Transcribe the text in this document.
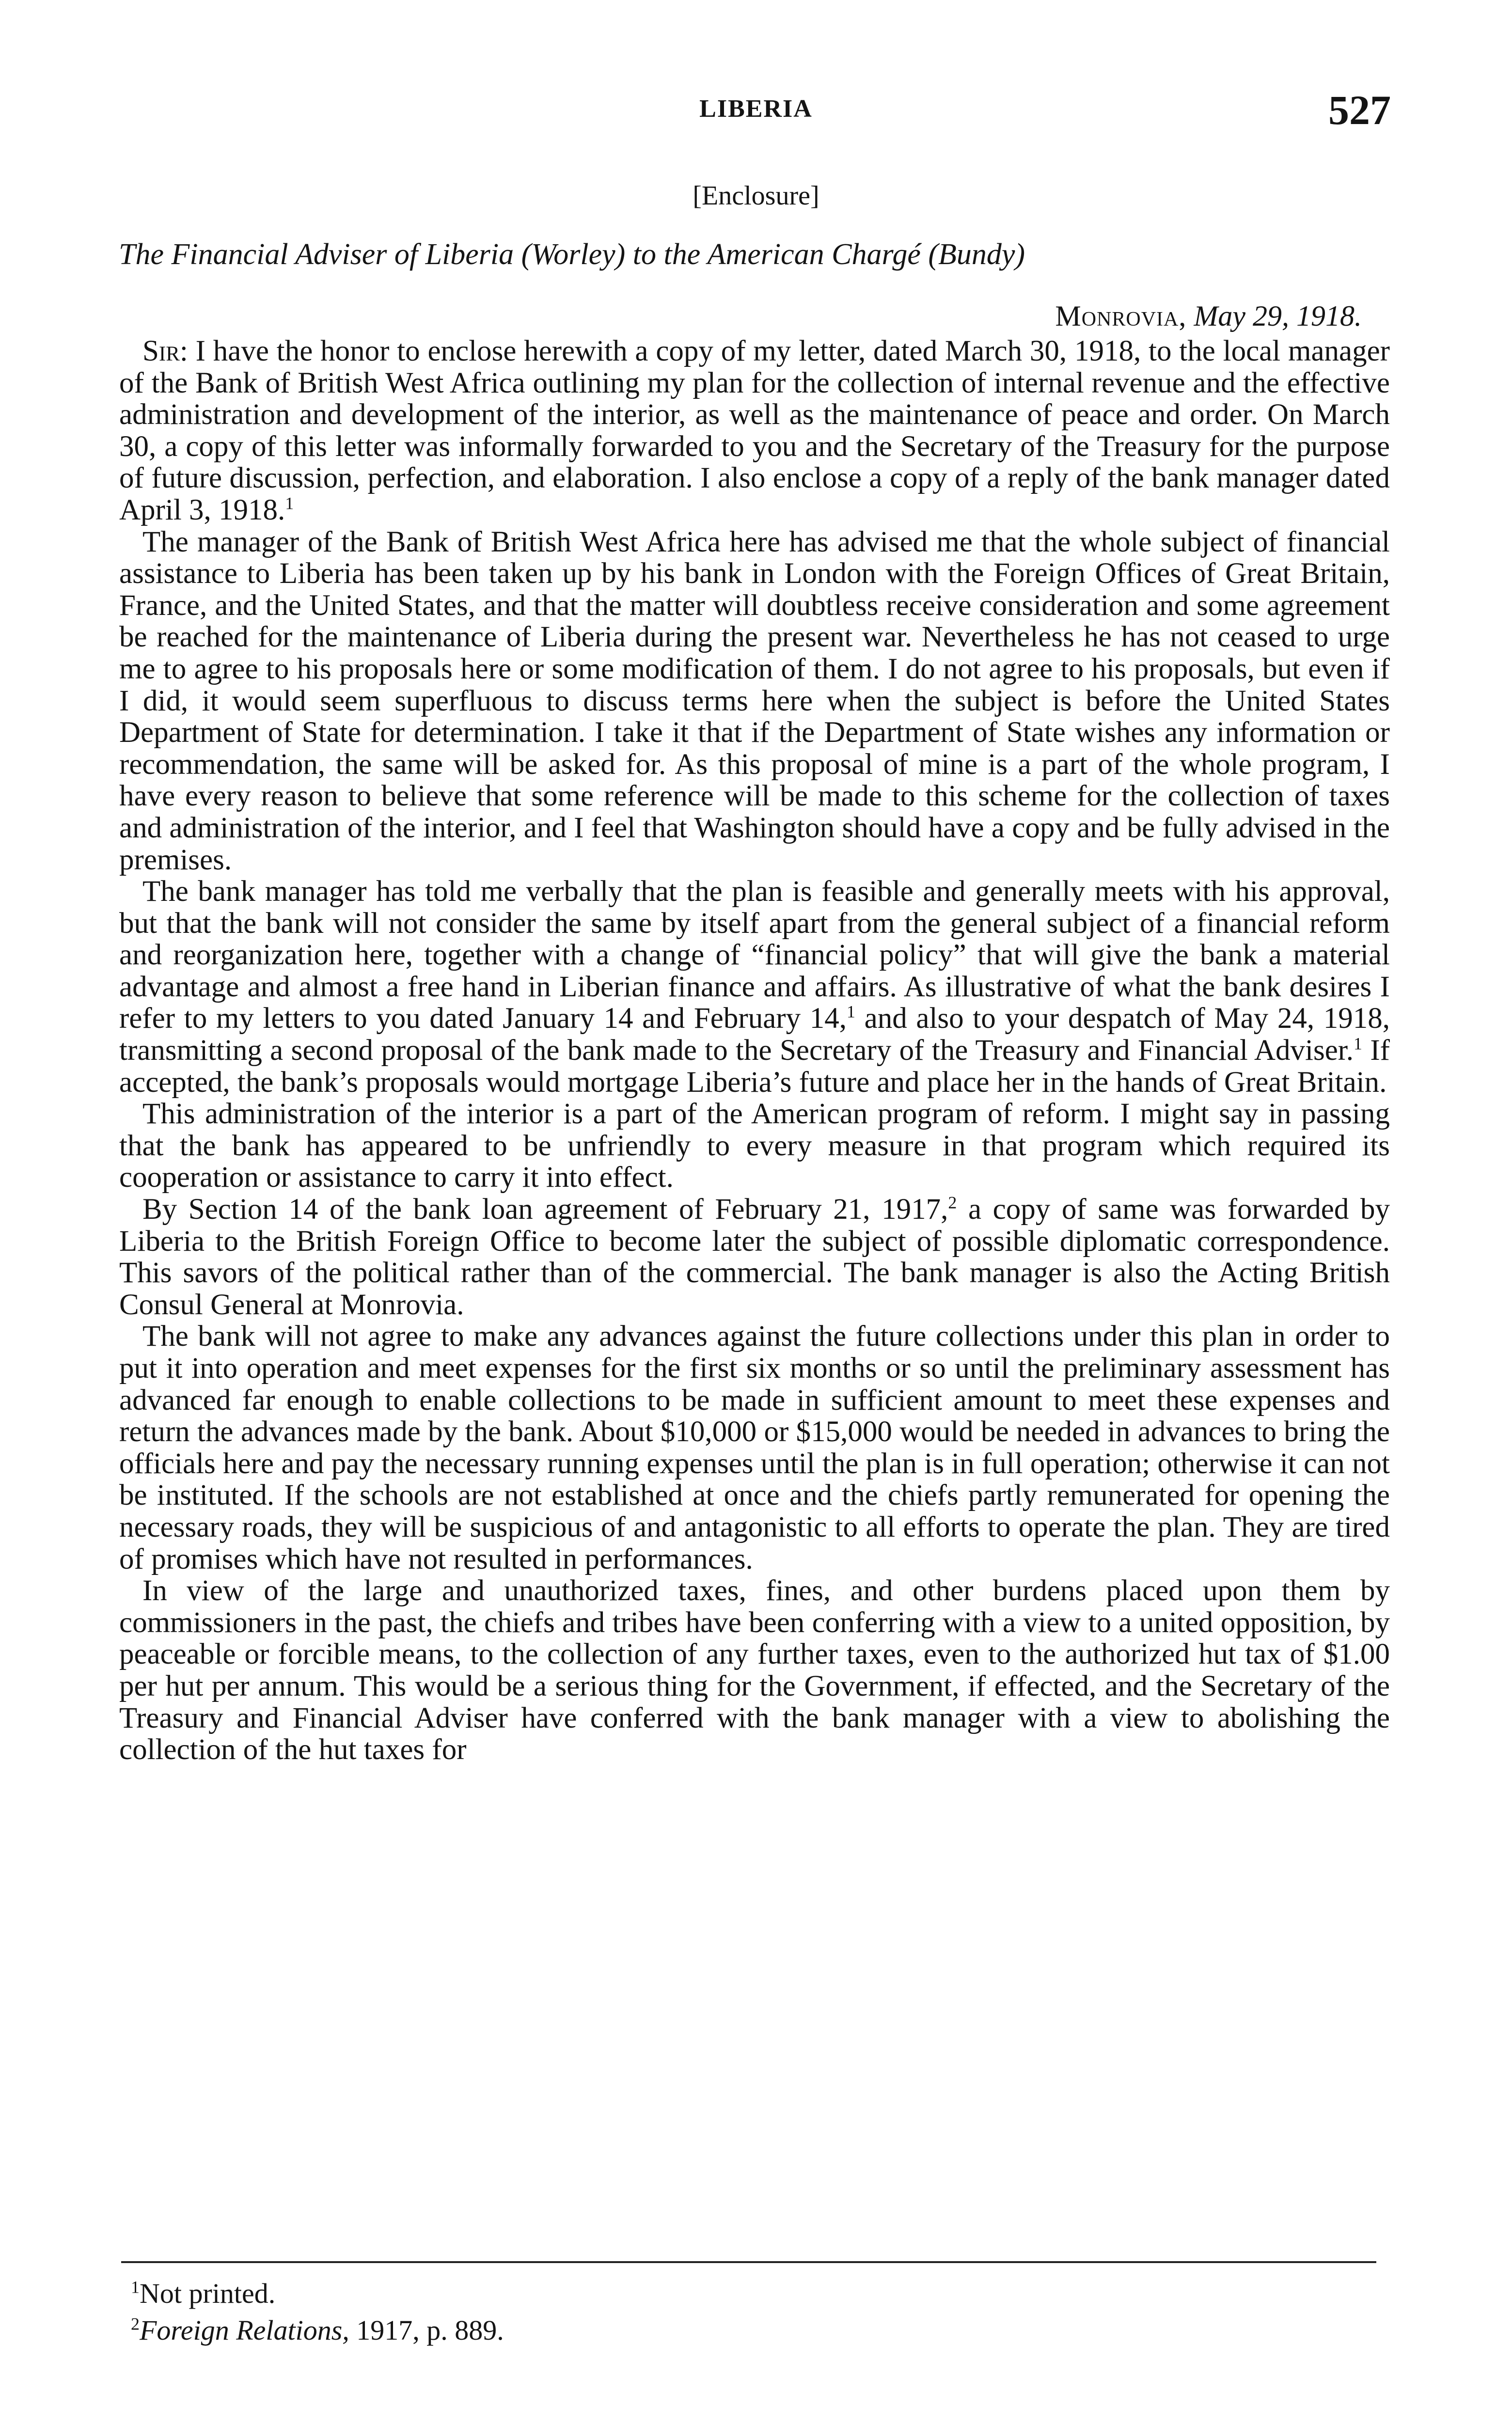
LIBERIA	527
[Enclosure]
The Financial Adviser of Liberia (Worley) to the American Chargé (Bundy)
Monrovia, May 29, 1918.

Sir: I have the honor to enclose herewith a copy of my letter, dated March 30, 1918, to the local manager of the Bank of British West Africa outlining my plan for the collection of internal revenue and the effective administration and development of the interior, as well as the maintenance of peace and order. On March 30, a copy of this letter was informally forwarded to you and the Secretary of the Treasury for the purpose of future discussion, perfection, and elaboration. I also enclose a copy of a reply of the bank manager dated April 3, 1918.$^1$

The manager of the Bank of British West Africa here has advised me that the whole subject of financial assistance to Liberia has been taken up by his bank in London with the Foreign Offices of Great Britain, France, and the United States, and that the matter will doubtless receive consideration and some agreement be reached for the maintenance of Liberia during the present war. Nevertheless he has not ceased to urge me to agree to his proposals here or some modification of them. I do not agree to his proposals, but even if I did, it would seem superfluous to discuss terms here when the subject is before the United States Department of State for determination. I take it that if the Department of State wishes any information or recommendation, the same will be asked for. As this proposal of mine is a part of the whole program, I have every reason to believe that some reference will be made to this scheme for the collection of taxes and administration of the interior, and I feel that Washington should have a copy and be fully advised in the premises.

The bank manager has told me verbally that the plan is feasible and generally meets with his approval, but that the bank will not consider the same by itself apart from the general subject of a financial reform and reorganization here, together with a change of “financial policy” that will give the bank a material advantage and almost a free hand in Liberian finance and affairs. As illustrative of what the bank desires I refer to my letters to you dated January 14 and February 14,$^1$ and also to your despatch of May 24, 1918, transmitting a second proposal of the bank made to the Secretary of the Treasury and Financial Adviser.$^1$ If accepted, the bank’s proposals would mortgage Liberia’s future and place her in the hands of Great Britain.

This administration of the interior is a part of the American program of reform. I might say in passing that the bank has appeared to be unfriendly to every measure in that program which required its cooperation or assistance to carry it into effect.

By Section 14 of the bank loan agreement of February 21, 1917,$^2$ a copy of same was forwarded by Liberia to the British Foreign Office to become later the subject of possible diplomatic correspondence. This savors of the political rather than of the commercial. The bank manager is also the Acting British Consul General at Monrovia.

The bank will not agree to make any advances against the future collections under this plan in order to put it into operation and meet expenses for the first six months or so until the preliminary assessment has advanced far enough to enable collections to be made in sufficient amount to meet these expenses and return the advances made by the bank. About $10,000 or $15,000 would be needed in advances to bring the officials here and pay the necessary running expenses until the plan is in full operation; otherwise it can not be instituted. If the schools are not established at once and the chiefs partly remunerated for opening the necessary roads, they will be suspicious of and antagonistic to all efforts to operate the plan. They are tired of promises which have not resulted in performances.

In view of the large and unauthorized taxes, fines, and other burdens placed upon them by commissioners in the past, the chiefs and tribes have been conferring with a view to a united opposition, by peaceable or forcible means, to the collection of any further taxes, even to the authorized hut tax of $1.00 per hut per annum. This would be a serious thing for the Government, if effected, and the Secretary of the Treasury and Financial Adviser have conferred with the bank manager with a view to abolishing the collection of the hut taxes for

$^1$Not printed.

$^2$Foreign Relations, 1917, p. 889.
